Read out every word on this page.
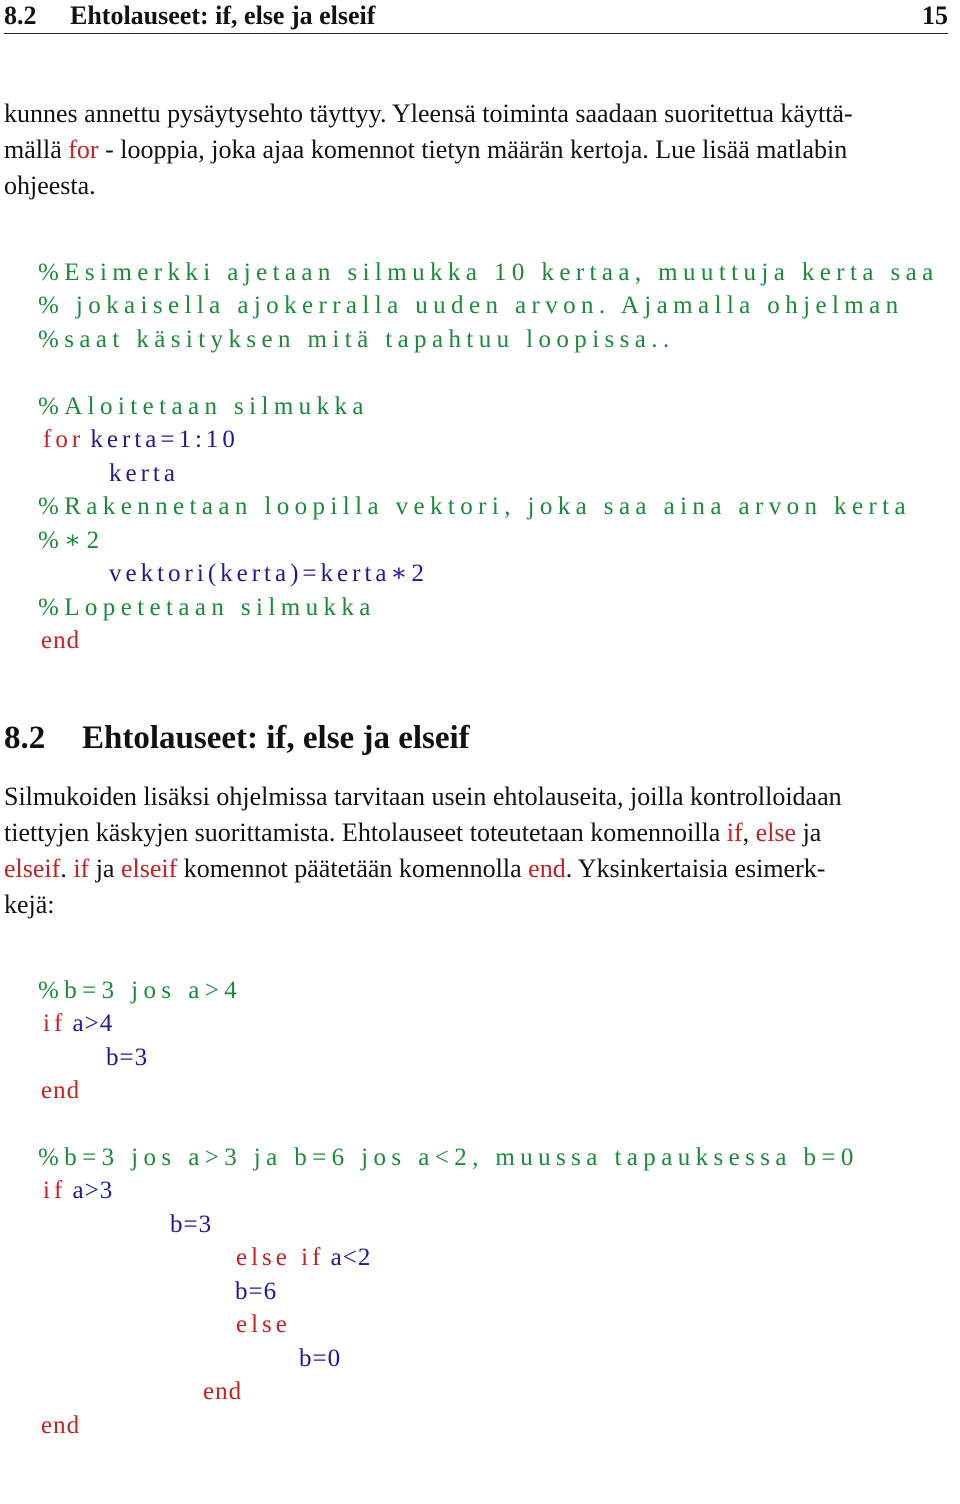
8.2 Ehtolauseet: if, else ja elseif	15
kunnes annettu pysäytysehto täyttyy. Yleensä toiminta saadaan suoritettua käyttä-
mällä for - looppia, joka ajaa komennot tietyn määrän kertoja. Lue lisää matlabin
ohjeesta.

%Esimerkki ajetaan silmukka 10 kertaa, muuttuja kerta saa

% jokaisella ajokerralla uuden arvon. Ajamalla ohjelman

%saat käsityksen mitä tapahtuu loopissa..

%Aloitetaan silmukka

for kerta=1:10

kerta

%Rakennetaan loopilla vektori, joka saa aina arvon kerta

%∗2

vektori(kerta)=kerta∗2

%Lopetetaan silmukka

end

8.2 Ehtolauseet: if, else ja elseif
Silmukoiden lisäksi ohjelmissa tarvitaan usein ehtolauseita, joilla kontrolloidaan
tiettyjen käskyjen suorittamista. Ehtolauseet toteutetaan komennoilla if, else ja
elseif. if ja elseif komennot päätetään komennolla end. Yksinkertaisia esimerk-
kejä:

%b=3 jos a>4

if a>4

b=3

end

%b=3 jos a>3 ja b=6 jos a<2, muussa tapauksessa b=0

if a>3

b=3

else if a<2

b=6

else

b=0

end

end
